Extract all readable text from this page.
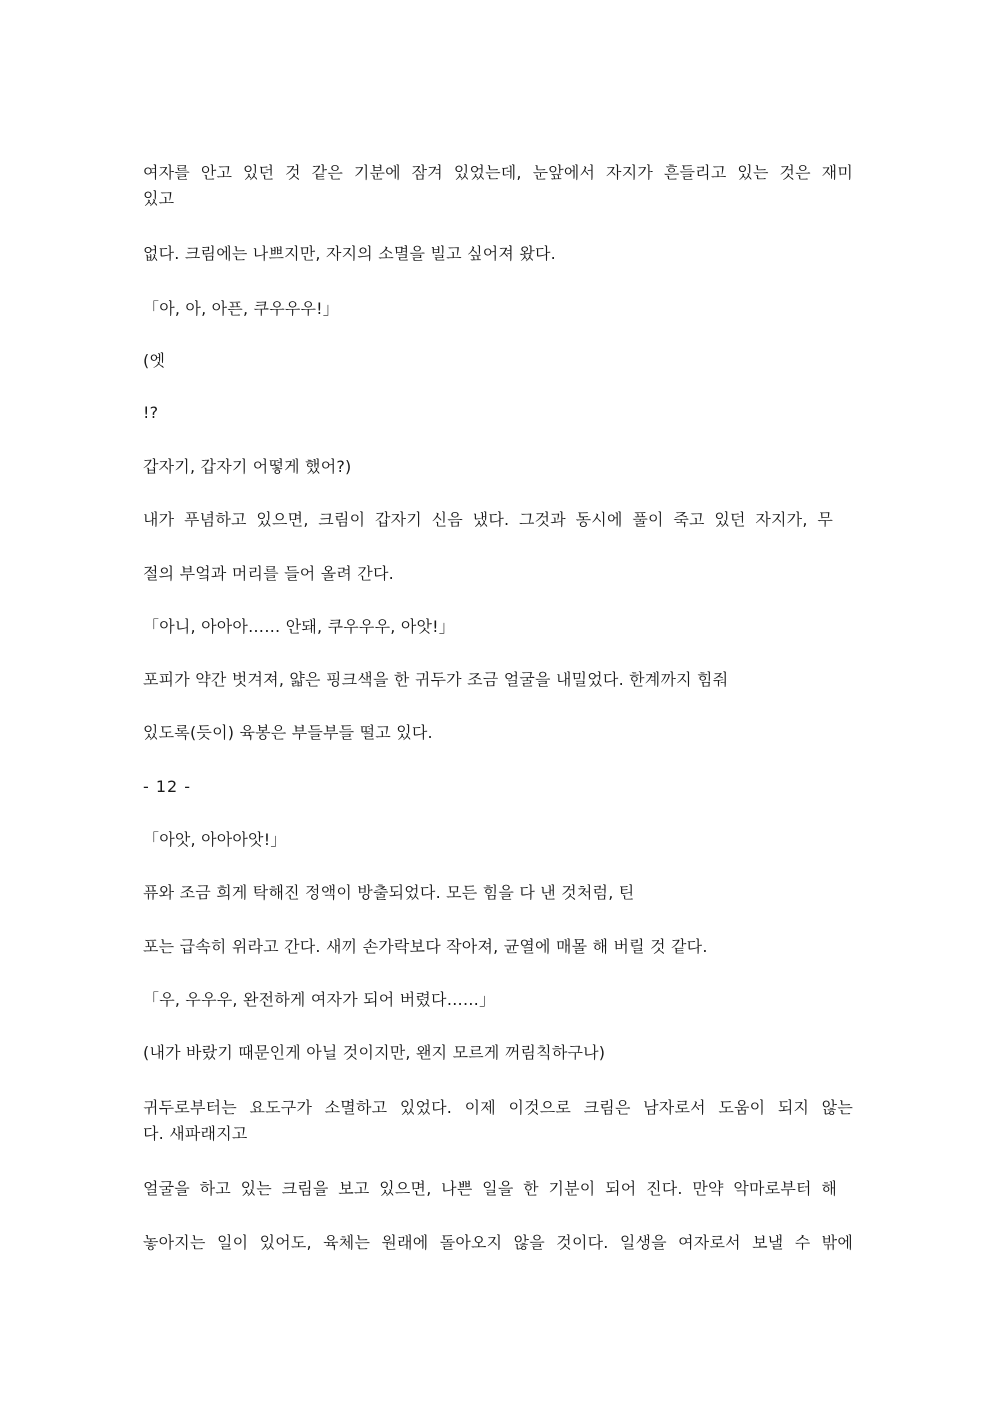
여자를 안고 있던 것 같은 기분에 잠겨 있었는데, 눈앞에서 자지가 흔들리고 있는 것은 재미
있고
없다. 크림에는 나쁘지만, 자지의 소멸을 빌고 싶어져 왔다.
「아, 아, 아픈, 쿠우우우!」
(엣
!?
갑자기, 갑자기 어떻게 했어?)
내가 푸념하고 있으면, 크림이 갑자기 신음 냈다. 그것과 동시에 풀이 죽고 있던 자지가, 무
절의 부엌과 머리를 들어 올려 간다.
「아니, 아아아…… 안돼, 쿠우우우, 아앗!」
포피가 약간 벗겨져, 얇은 핑크색을 한 귀두가 조금 얼굴을 내밀었다. 한계까지 힘줘
있도록(듯이) 육봉은 부들부들 떨고 있다.
- 12 -
「아앗, 아아아앗!」
퓨와 조금 희게 탁해진 정액이 방출되었다. 모든 힘을 다 낸 것처럼, 틴
포는 급속히 위라고 간다. 새끼 손가락보다 작아져, 균열에 매몰 해 버릴 것 같다.
「우, 우우우, 완전하게 여자가 되어 버렸다……」
(내가 바랐기 때문인게 아닐 것이지만, 왠지 모르게 꺼림칙하구나)
귀두로부터는 요도구가 소멸하고 있었다. 이제 이것으로 크림은 남자로서 도움이 되지 않는
다. 새파래지고
얼굴을 하고 있는 크림을 보고 있으면, 나쁜 일을 한 기분이 되어 진다. 만약 악마로부터 해
놓아지는 일이 있어도, 육체는 원래에 돌아오지 않을 것이다. 일생을 여자로서 보낼 수 밖에
